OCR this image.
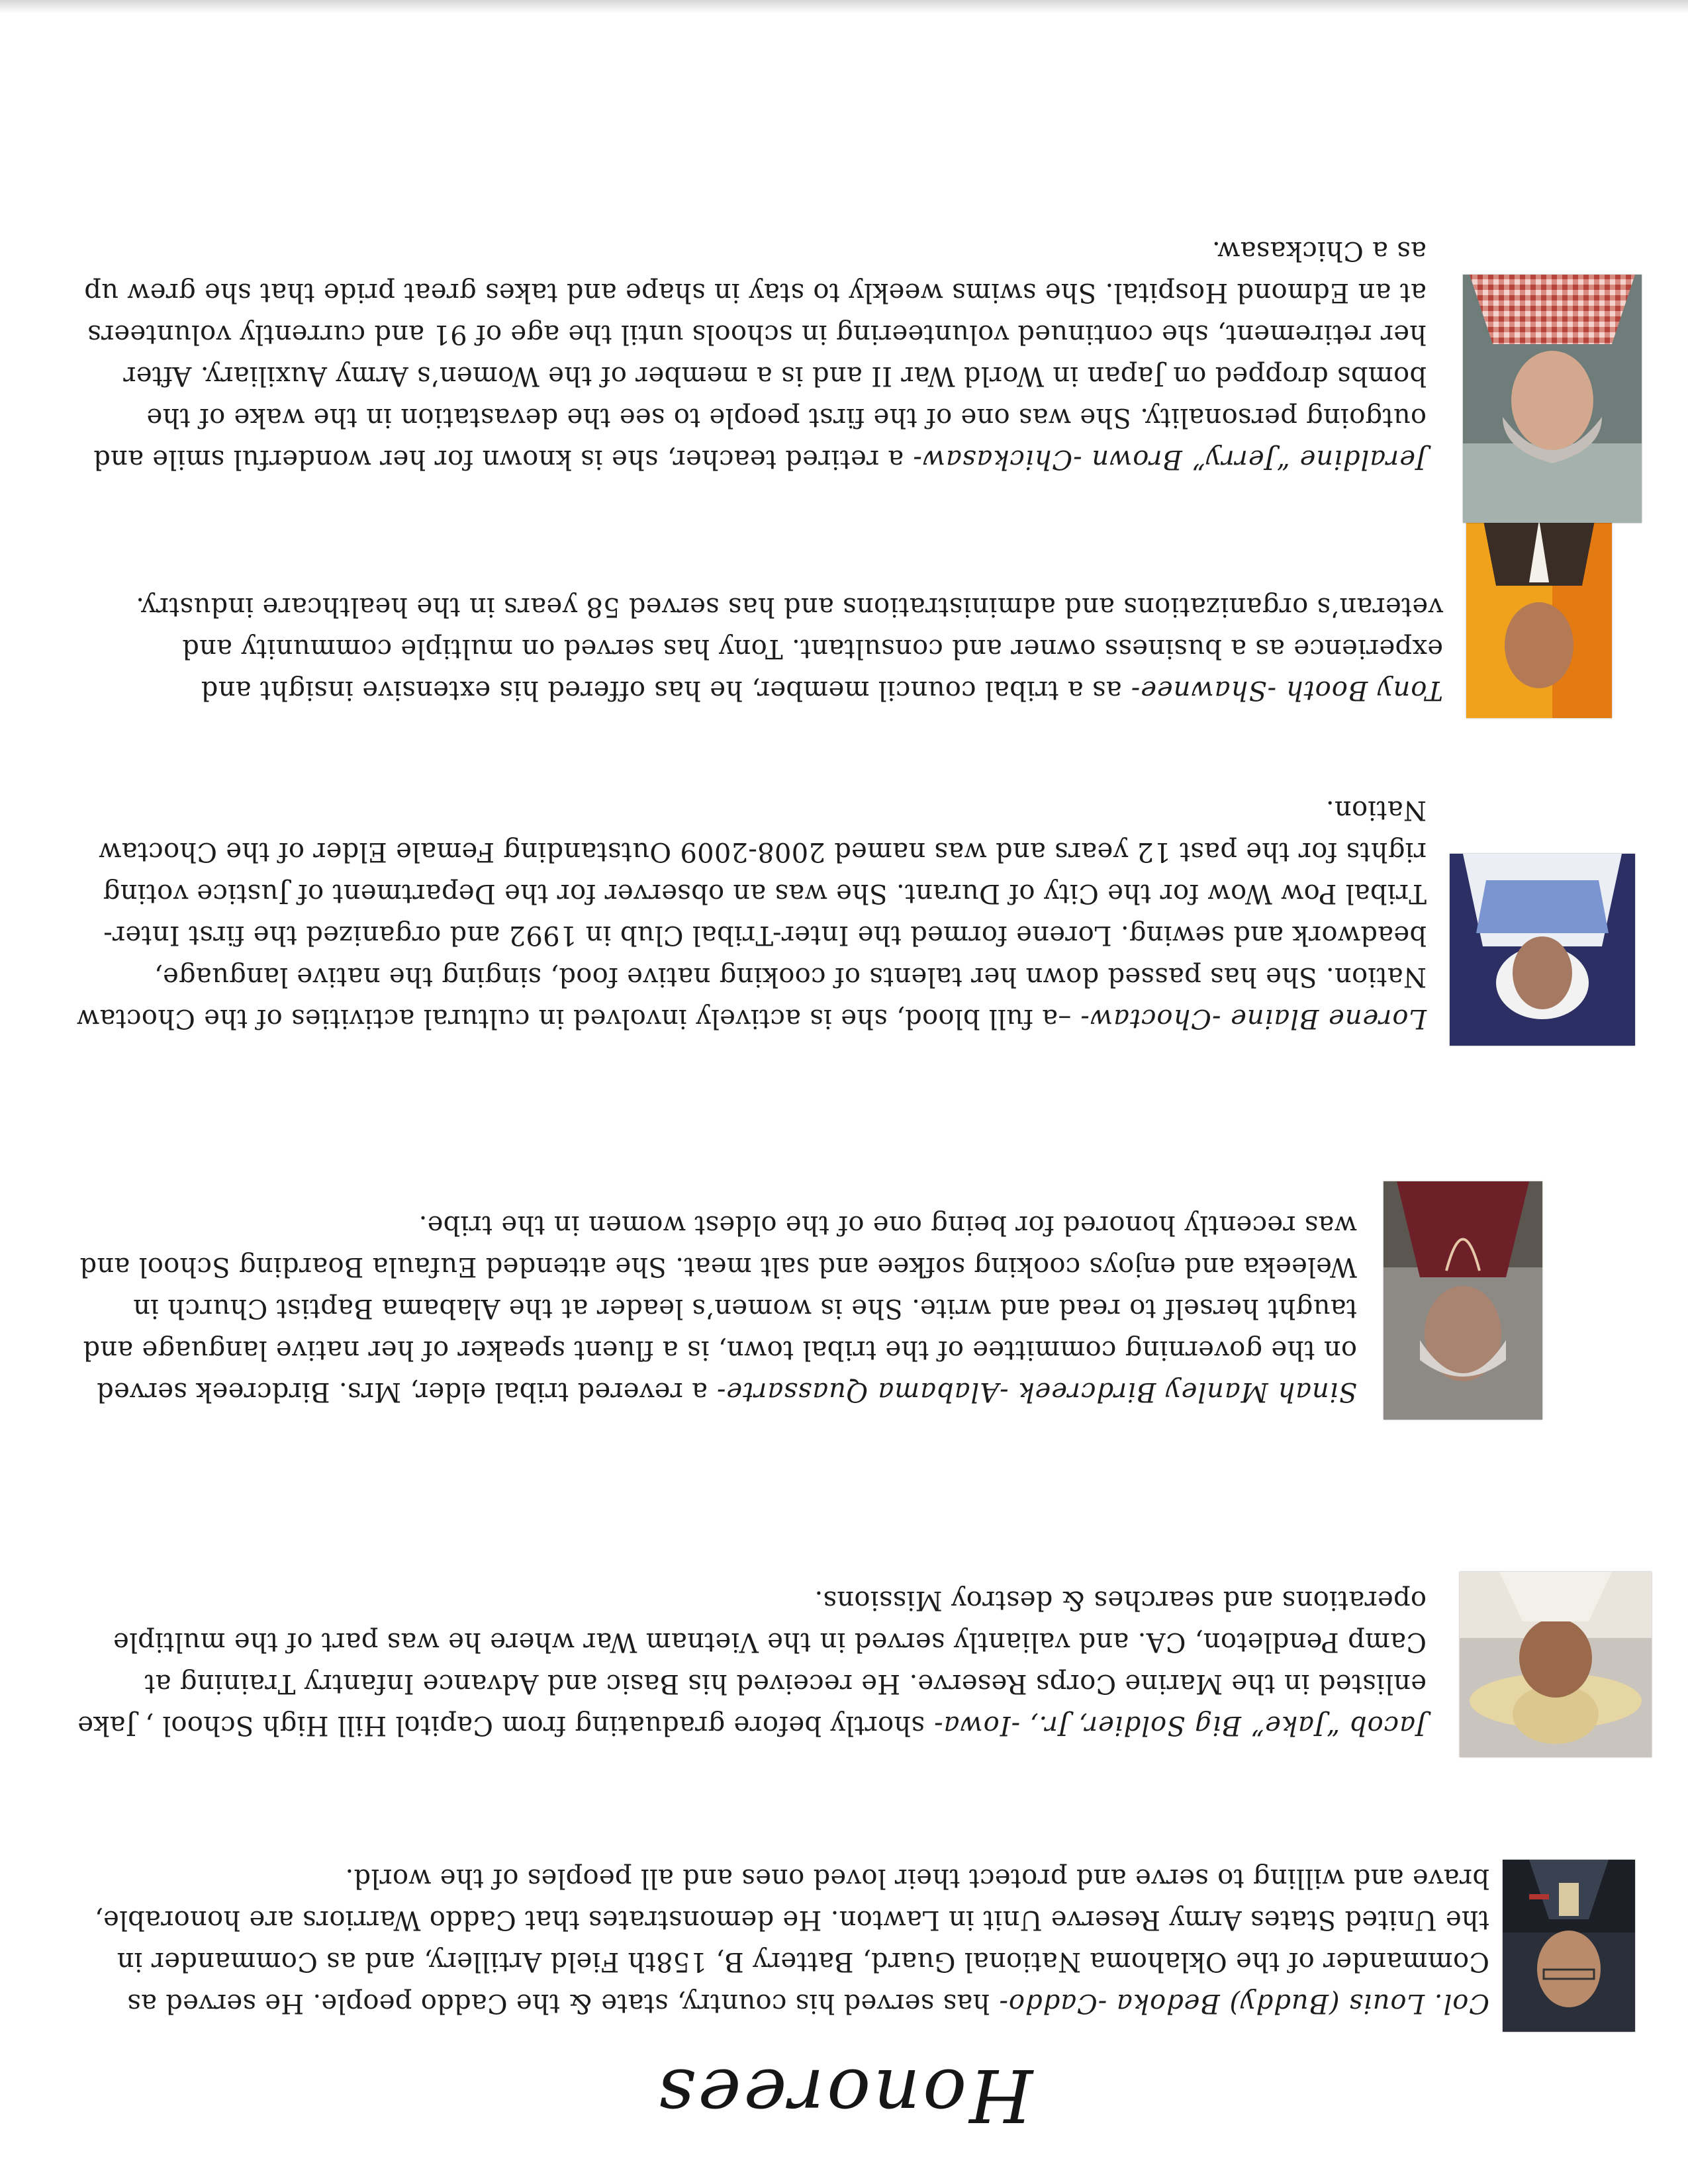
Honorees

Col. Louis (Buddy) Bedoka -Caddo- has served his country, state & the Caddo people. He served as Commander of the Oklahoma National Guard, Battery B, 158th Field Artillery, and as Commander in the United States Army Reserve Unit in Lawton. He demonstrates that Caddo Warriors are honorable, brave and willing to serve and protect their loved ones and all peoples of the world.

Jacob “Jake” Big Soldier, Jr., -Iowa- shortly before graduating from Capitol Hill High School , Jake enlisted in the Marine Corps Reserve. He received his Basic and Advance Infantry Training at Camp Pendleton, CA. and valiantly served in the Vietnam War where he was part of the multiple operations and searches & destroy Missions.

Sinah Manley Birdcreek -Alabama Quassarte- a revered tribal elder, Mrs. Birdcreek served on the governing committee of the tribal town, is a fluent speaker of her native language and taught herself to read and write. She is women’s leader at the Alabama Baptist Church in Weleeka and enjoys cooking sofkee and salt meat. She attended Eufaula Boarding School and was recently honored for being one of the oldest women in the tribe.

Lorene Blaine -Choctaw- –a full blood, she is actively involved in cultural activities of the Choctaw Nation. She has passed down her talents of cooking native food, singing the native language, beadwork and sewing. Lorene formed the Inter-Tribal Club in 1992 and organized the first Inter-Tribal Pow Wow for the City of Durant. She was an observer for the Department of Justice voting rights for the past 12 years and was named 2008-2009 Outstanding Female Elder of the Choctaw Nation.

Tony Booth -Shawnee- as a tribal council member, he has offered his extensive insight and experience as a business owner and consultant. Tony has served on multiple community and veteran’s organizations and administrations and has served 58 years in the healthcare industry.

Jeraldine “Jerry” Brown -Chickasaw- a retired teacher, she is known for her wonderful smile and outgoing personality. She was one of the first people to see the devastation in the wake of the bombs dropped on Japan in World War II and is a member of the Women’s Army Auxiliary. After her retirement, she continued volunteering in schools until the age of 91 and currently volunteers at an Edmond Hospital. She swims weekly to stay in shape and takes great pride that she grew up as a Chickasaw.
